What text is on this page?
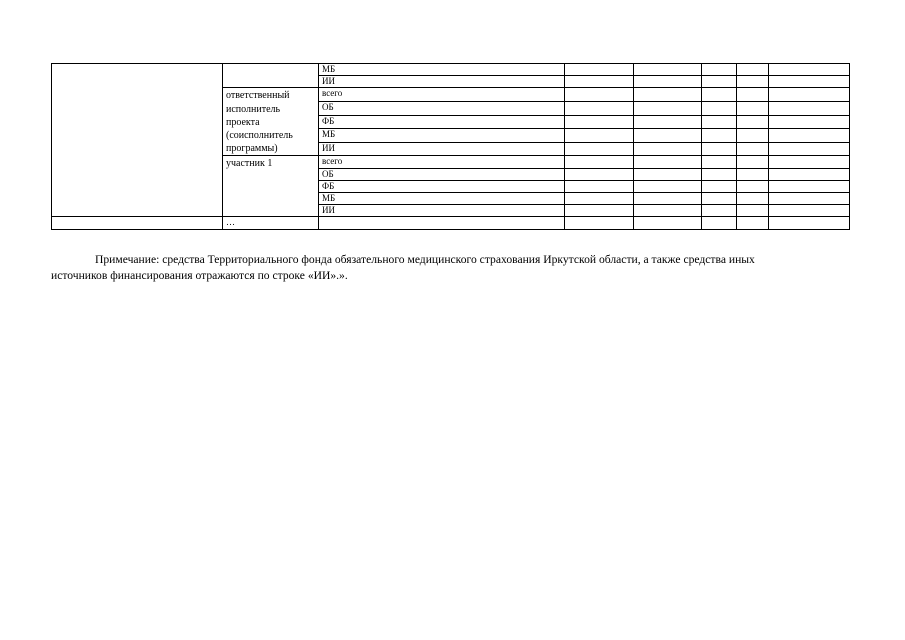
		МБ					
		ИИ					
	ответственный исполнитель проекта (соисполнитель программы)	всего					
		ОБ					
		ФБ					
		МБ					
		ИИ					
	участник 1	всего					
		ОБ					
		ФБ					
		МБ					
		ИИ					
	…						

Примечание: средства Территориального фонда обязательного медицинского страхования Иркутской области, а также средства иных

источников финансирования отражаются по строке «ИИ».».
